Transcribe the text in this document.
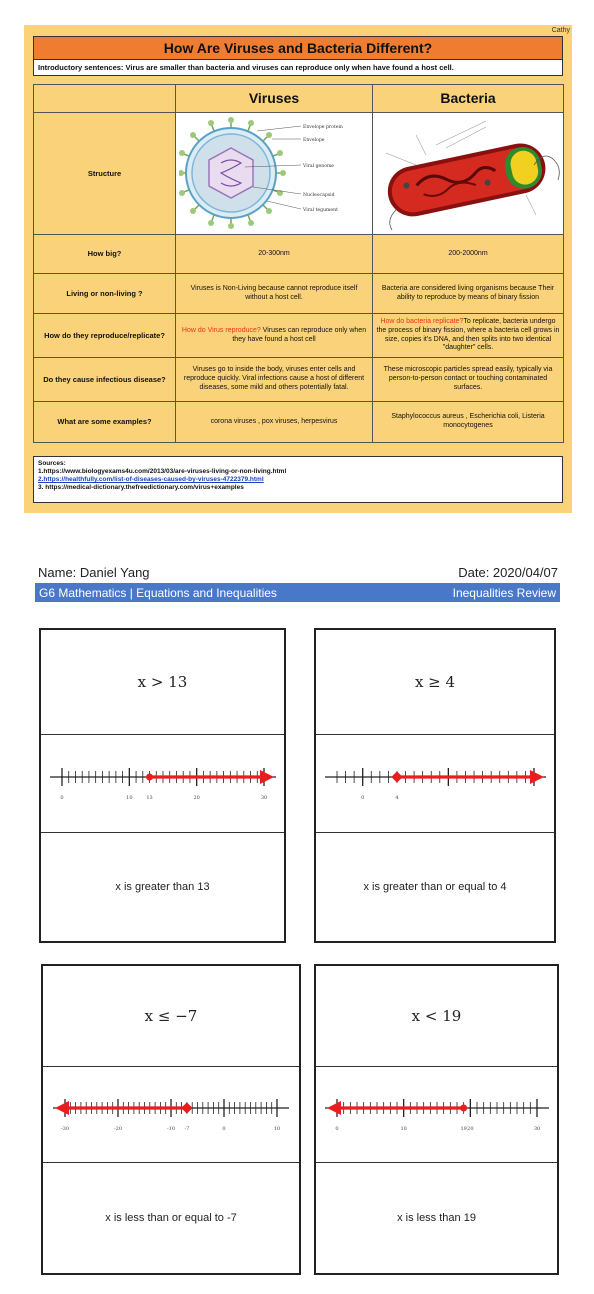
Cathy
How Are Viruses and Bacteria Different?
Introductory sentences: Virus are smaller than bacteria and viruses can reproduce only when have found a host cell.
	Viruses	Bacteria
Structure	Envelope protein
Envelope
Viral genome
Nucleocapsid
Viral tegument

How big?	20-300nm	200-2000nm
Living or non-living ?	Viruses is Non-Living because cannot reproduce itself without a host cell.	Bacteria are considered living organisms because Their ability to reproduce by means of binary fission
How do they reproduce/replicate?	How do Virus reproduce? Viruses can reproduce only when they have found a host cell	How do bacteria replicate?To replicate, bacteria undergo the process of binary fission, where a bacteria cell grows in size, copies it's DNA, and then splits into two identical "daughter" cells.
Do they cause infectious disease?	Viruses go to inside the body, viruses enter cells and reproduce quickly. Viral infections cause a host of different diseases, some mild and others potentially fatal.	These microscopic particles spread easily, typically via person-to-person contact or touching contaminated surfaces.
What are some examples?	corona viruses , pox viruses, herpesvirus	Staphylococcus aureus , Escherichia coli, Listeria monocytogenes
Sources:
1.https://www.biologyexams4u.com/2013/03/are-viruses-living-or-non-living.html
2.https://healthfully.com/list-of-diseases-caused-by-viruses-4722379.html
3. https://medical-dictionary.thefreedictionary.com/virus+examples
Name: Daniel Yang	Date: 2020/04/07
G6 Mathematics | Equations and Inequalities	Inequalities Review
x > 13
0	10	13	20	30
x is greater than 13
x ≥ 4
0	4
x is greater than or equal to 4
x ≤ −7
-30	-20	-10 -7	0	10
x is less than or equal to -7
x < 19
0	10	19 20	30
x is less than 19
